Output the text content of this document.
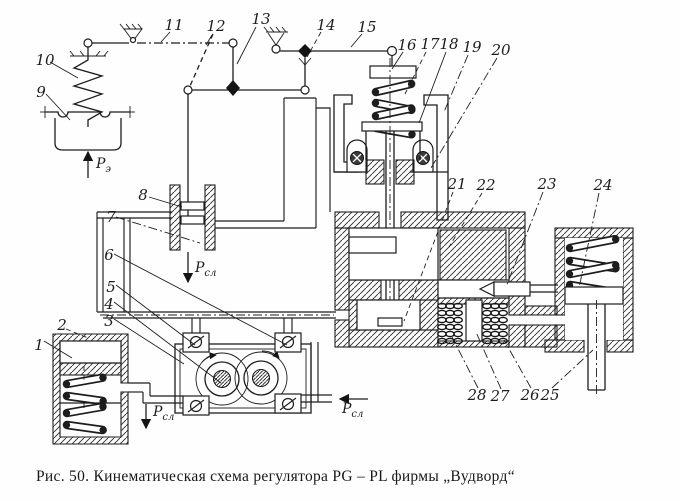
1
2 3
4
5
6
7
8
9
10
11 12 13	14 15
16 17 18 19 20
21 22	23 24
25
26
27
28
$Р_э$
$Р_{сл}$
$Р_{сл}$
$Р_{сл}$
Рис. 50. Кинематическая схема регулятора PG – PL фирмы „Вудворд“
